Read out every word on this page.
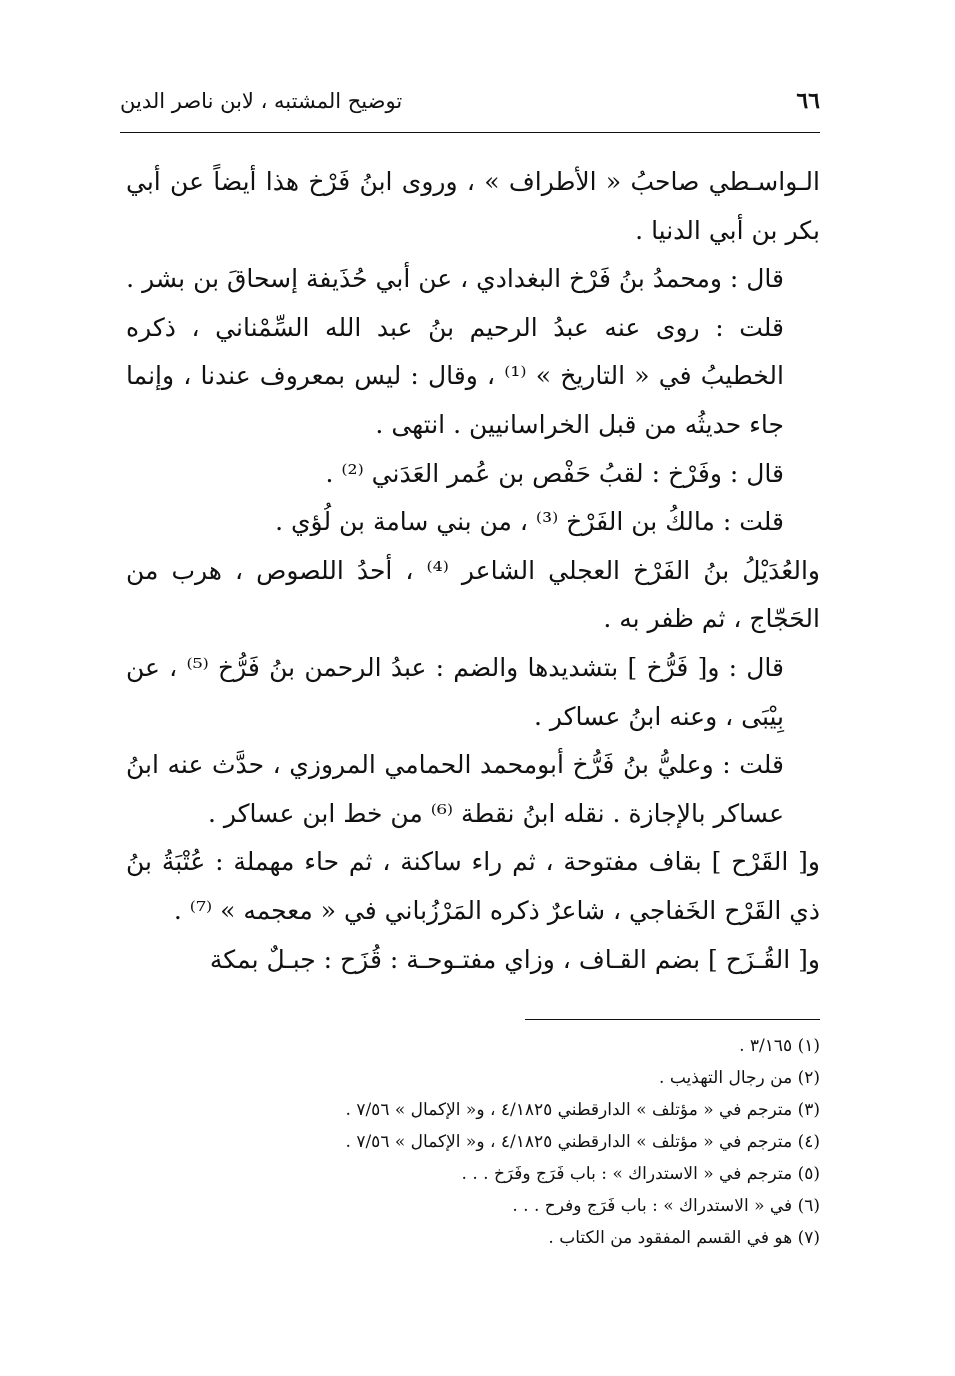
٦٦
توضيح المشتبه ، لابن ناصر الدين

الـواسـطي صاحبُ « الأطراف » ، وروى ابنُ فَرْخ هذا أيضاً عن أبي بكر بن أبي الدنيا .

قال : ومحمدُ بنُ فَرْخ البغدادي ، عن أبي حُذَيفة إسحاقَ بن بشر .

قلت : روى عنه عبدُ الرحيم بنُ عبد الله السِّمْناني ، ذكره الخطيبُ في « التاريخ » ⁽¹⁾ ، وقال : ليس بمعروف عندنا ، وإنما جاء حديثُه من قبل الخراسانيين . انتهى .

قال : وفَرْخ : لقبُ حَفْص بن عُمر العَدَني ⁽²⁾ .

قلت : مالكُ بن الفَرْخ ⁽³⁾ ، من بني سامة بن لُؤي .

والعُدَيْلُ بنُ الفَرْخ العجلي الشاعر ⁽⁴⁾ ، أحدُ اللصوص ، هرب من الحَجّاج ، ثم ظفر به .

قال : و[ فَرُّخ ] بتشديدها والضم : عبدُ الرحمن بنُ فَرُّخ ⁽⁵⁾ ، عن بِيْبَى ، وعنه ابنُ عساكر .

قلت : وعليُّ بنُ فَرُّخ أبومحمد الحمامي المروزي ، حدَّث عنه ابنُ عساكر بالإجازة . نقله ابنُ نقطة ⁽⁶⁾ من خط ابن عساكر .

و[ القَرْح ] بقاف مفتوحة ، ثم راء ساكنة ، ثم حاء مهملة : عُتْبَةُ بنُ ذي القَرْح الخَفاجي ، شاعرٌ ذكره المَرْزُباني في « معجمه » ⁽⁷⁾ .

و[ القُـزَح ] بضم القـاف ، وزاي مفتـوحـة : قُزَح : جبـلٌ بمكة

(١) ٣/١٦٥ .
(٢) من رجال التهذيب .
(٣) مترجم في « مؤتلف » الدارقطني ٤/١٨٢٥ ، و« الإكمال » ٧/٥٦ .
(٤) مترجم في « مؤتلف » الدارقطني ٤/١٨٢٥ ، و« الإكمال » ٧/٥٦ .
(٥) مترجم في « الاستدراك » : باب فَرَج وفَرَخ . . .
(٦) في « الاستدراك » : باب فَرَج وفرح . . .
(٧) هو في القسم المفقود من الكتاب .
